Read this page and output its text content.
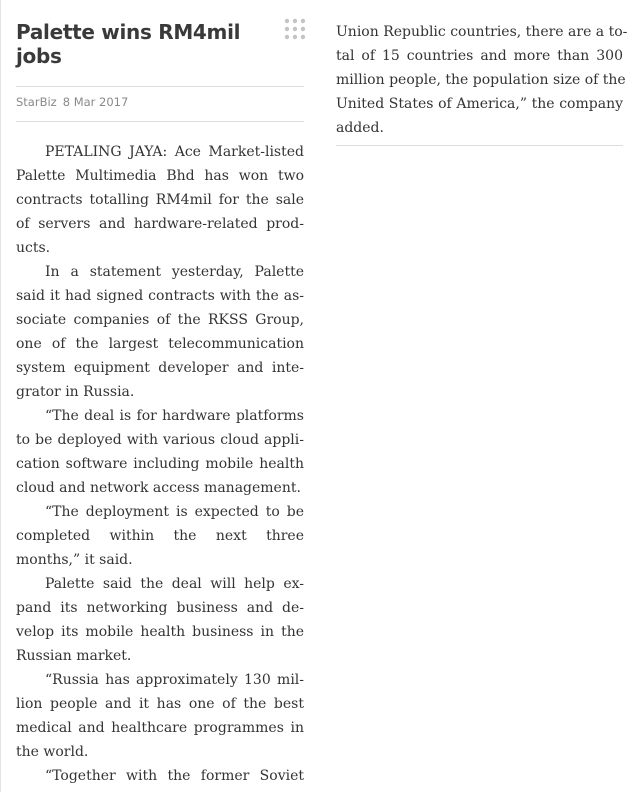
Palette wins RM4mil jobs
StarBiz 8 Mar 2017
PETALING JAYA: Ace Market-listed
Palette Multimedia Bhd has won two
contracts totalling RM4mil for the sale
of servers and hardware-related prod-
ucts.
In a statement yesterday, Palette
said it had signed contracts with the as-
sociate companies of the RKSS Group,
one of the largest telecommunication
system equipment developer and inte-
grator in Russia.
“The deal is for hardware platforms
to be deployed with various cloud appli-
cation software including mobile health
cloud and network access management.
“The deployment is expected to be
completed within the next three
months,” it said.
Palette said the deal will help ex-
pand its networking business and de-
velop its mobile health business in the
Russian market.
“Russia has approximately 130 mil-
lion people and it has one of the best
medical and healthcare programmes in
the world.
“Together with the former Soviet
Union Republic countries, there are a to-
tal of 15 countries and more than 300
million people, the population size of the
United States of America,” the company
added.
